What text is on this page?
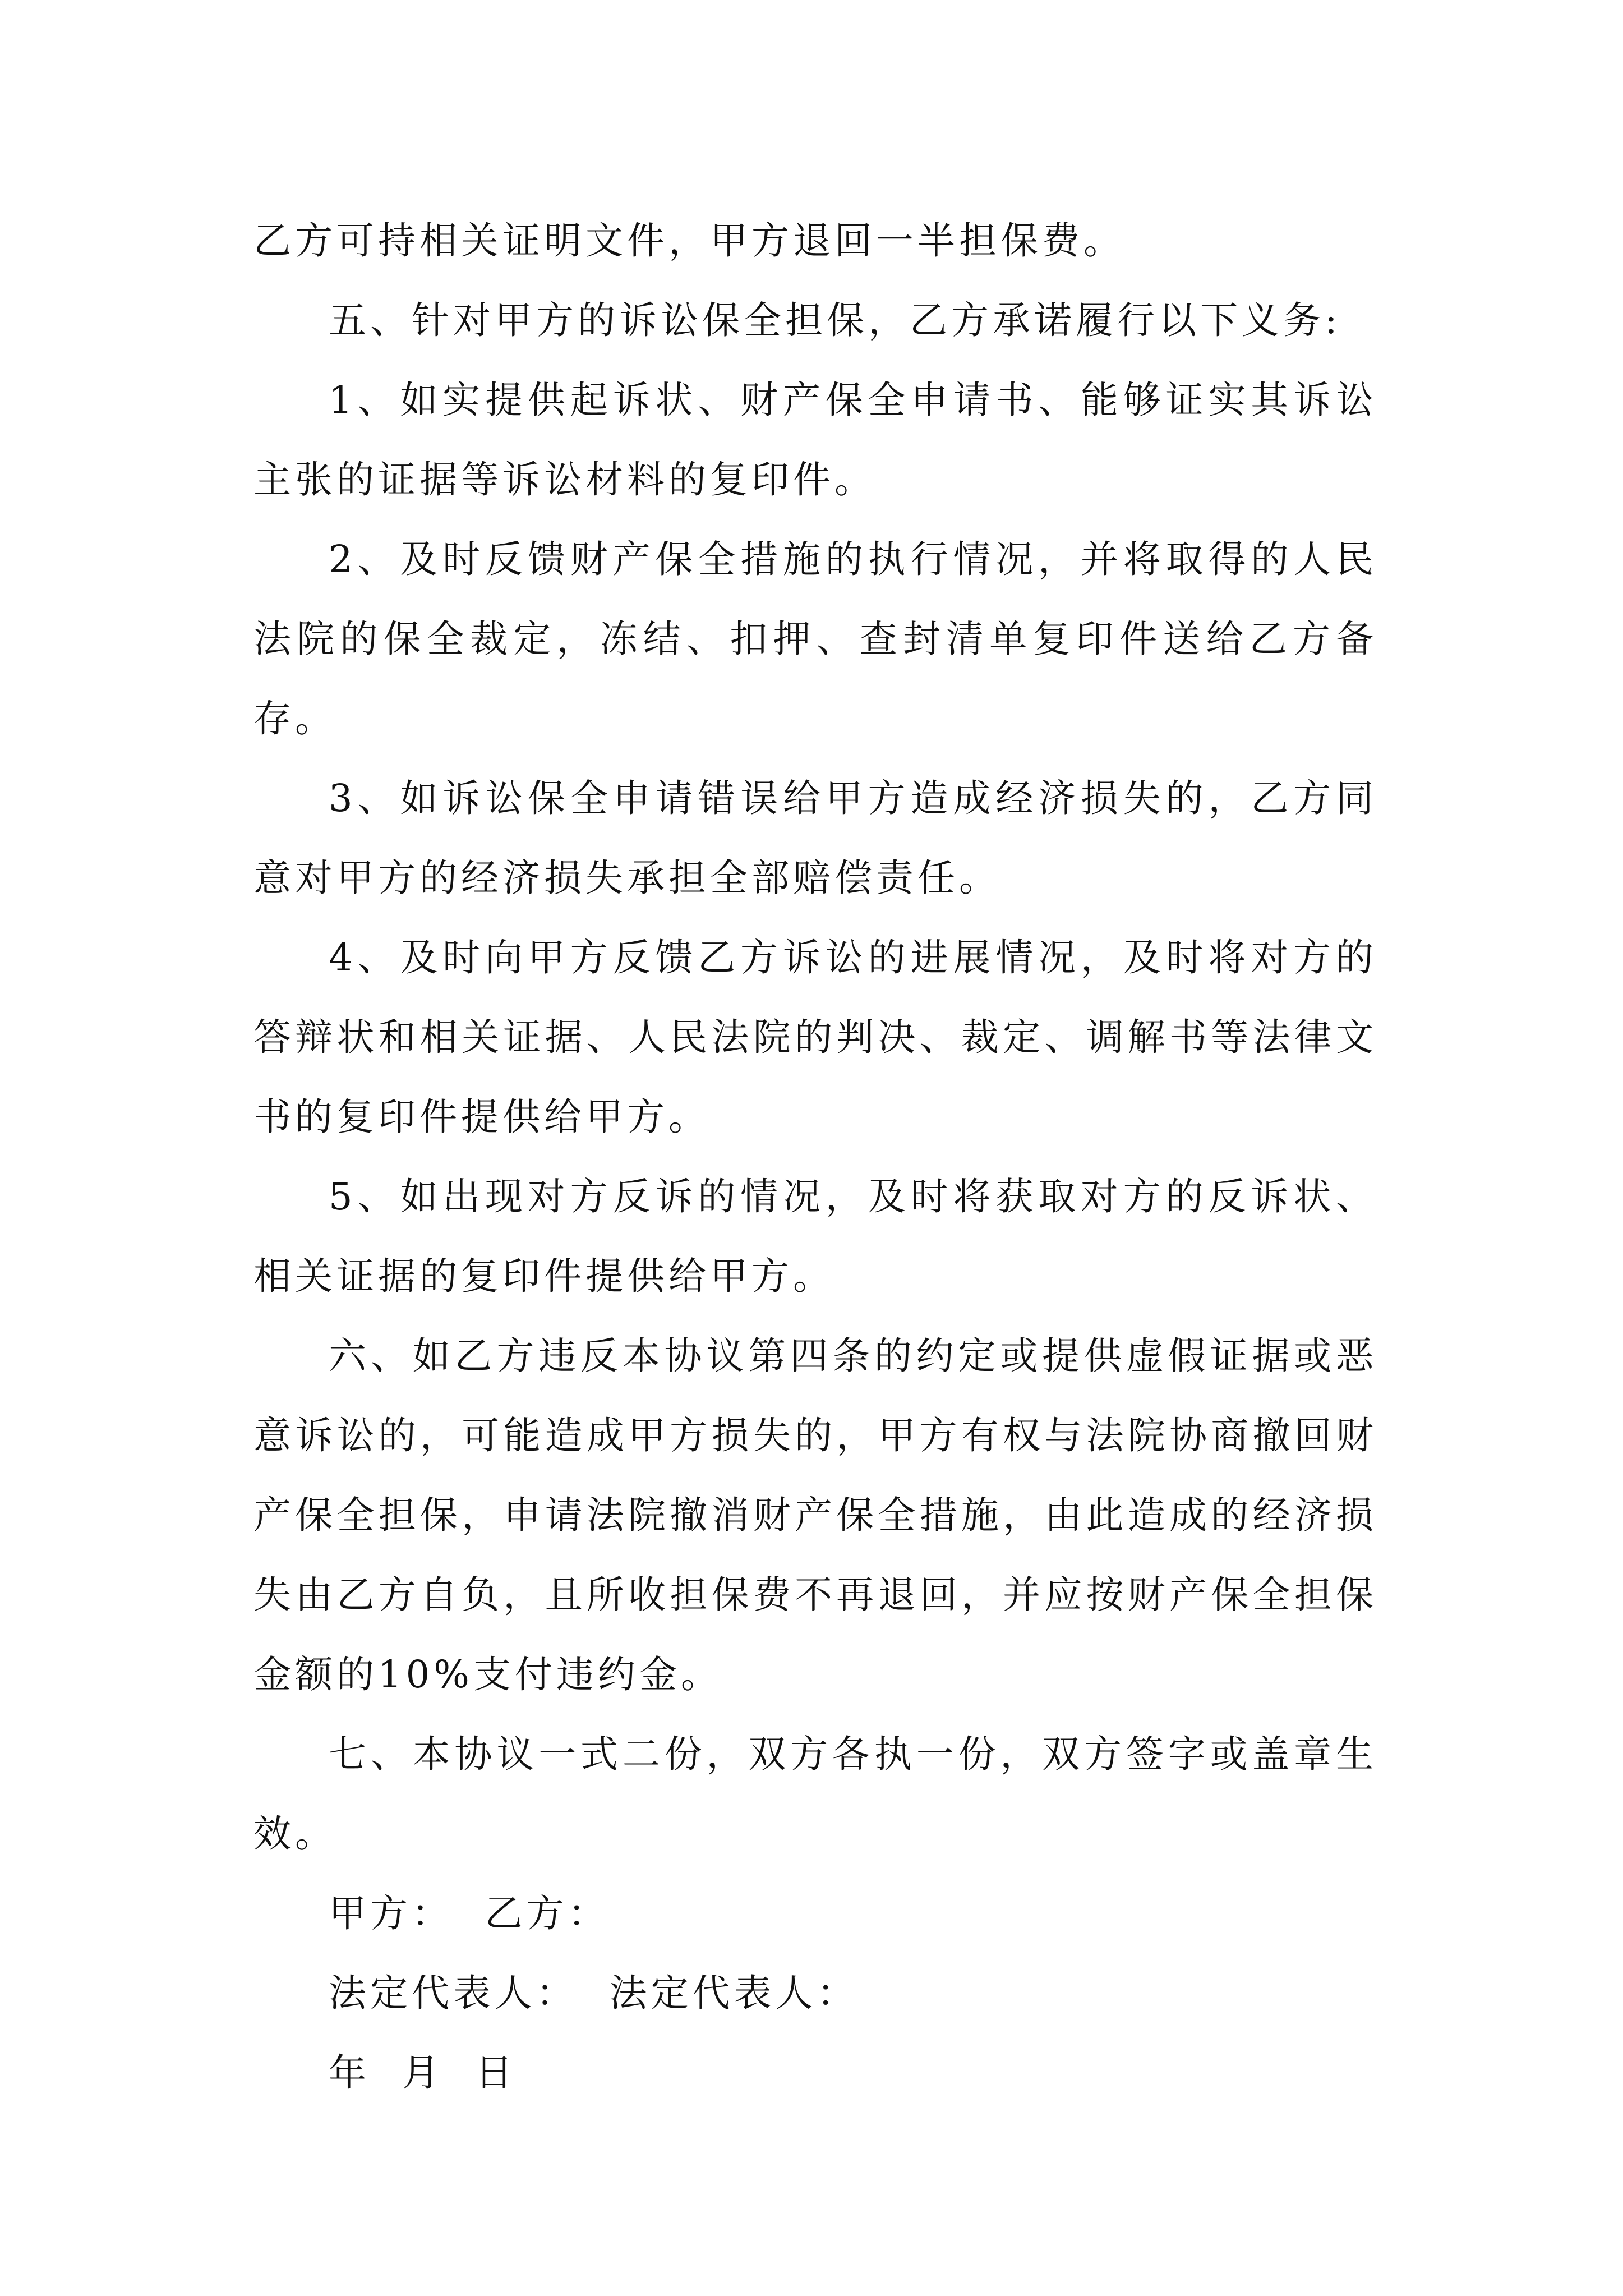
乙方可持相关证明文件，甲方退回一半担保费。

五、针对甲方的诉讼保全担保，乙方承诺履行以下义务:

1、如实提供起诉状、财产保全申请书、能够证实其诉讼主张的证据等诉讼材料的复印件。

2、及时反馈财产保全措施的执行情况，并将取得的人民法院的保全裁定，冻结、扣押、查封清单复印件送给乙方备存。

3、如诉讼保全申请错误给甲方造成经济损失的，乙方同意对甲方的经济损失承担全部赔偿责任。

4、及时向甲方反馈乙方诉讼的进展情况，及时将对方的答辩状和相关证据、人民法院的判决、裁定、调解书等法律文书的复印件提供给甲方。

5、如出现对方反诉的情况，及时将获取对方的反诉状、相关证据的复印件提供给甲方。

六、如乙方违反本协议第四条的约定或提供虚假证据或恶意诉讼的，可能造成甲方损失的，甲方有权与法院协商撤回财产保全担保，申请法院撤消财产保全措施，由此造成的经济损失由乙方自负，且所收担保费不再退回，并应按财产保全担保金额的10%支付违约金。

七、本协议一式二份，双方各执一份，双方签字或盖章生效。

甲方：  乙方：

法定代表人：  法定代表人：

年  月  日
